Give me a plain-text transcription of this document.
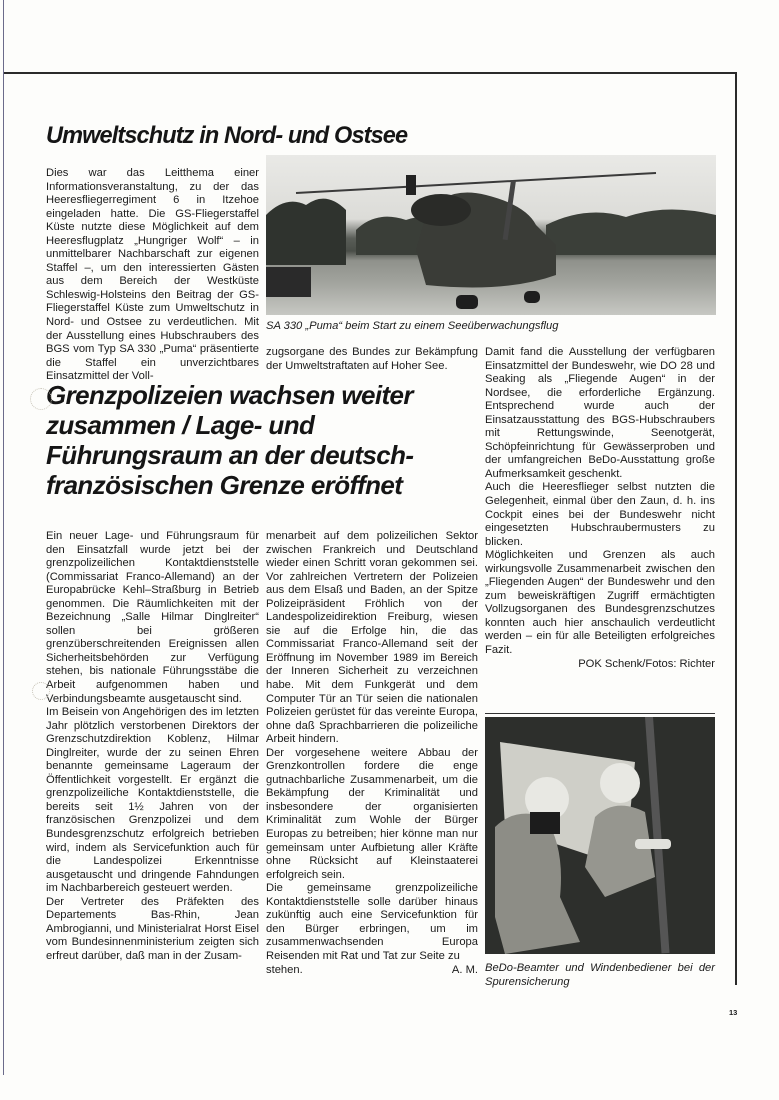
Umweltschutz in Nord- und Ostsee

Dies war das Leitthema einer Informationsveranstaltung, zu der das Heeresfliegerregiment 6 in Itzehoe eingeladen hatte. Die GS-Fliegerstaffel Küste nutzte diese Möglichkeit auf dem Heeresflugplatz „Hungriger Wolf“ – in unmittelbarer Nachbarschaft zur eigenen Staffel –, um den interessierten Gästen aus dem Bereich der Westküste Schleswig-Holsteins den Beitrag der GS-Fliegerstaffel Küste zum Umweltschutz in Nord- und Ostsee zu verdeutlichen. Mit der Ausstellung eines Hubschraubers des BGS vom Typ SA 330 „Puma“ präsentierte die Staffel ein unverzichtbares Einsatzmittel der Voll-

SA 330 „Puma“ beim Start zu einem Seeüberwachungsflug

zugsorgane des Bundes zur Bekämpfung der Umweltstraftaten auf Hoher See.

Damit fand die Ausstellung der verfügbaren Einsatzmittel der Bundeswehr, wie DO 28 und Seaking als „Fliegende Augen“ in der Nordsee, die erforderliche Ergänzung. Entsprechend wurde auch der Einsatzausstattung des BGS-Hubschraubers mit Rettungswinde, Seenotgerät, Schöpfeinrichtung für Gewässerproben und der umfangreichen BeDo-Ausstattung große Aufmerksamkeit geschenkt.

Auch die Heeresflieger selbst nutzten die Gelegenheit, einmal über den Zaun, d. h. ins Cockpit eines bei der Bundeswehr nicht eingesetzten Hubschraubermusters zu blicken.

Möglichkeiten und Grenzen als auch wirkungsvolle Zusammenarbeit zwischen den „Fliegenden Augen“ der Bundeswehr und den zum beweiskräftigen Zugriff ermächtigten Vollzugsorganen des Bundesgrenzschutzes konnten auch hier anschaulich verdeutlicht werden – ein für alle Beteiligten erfolgreiches Fazit.

POK Schenk/Fotos: Richter

Grenzpolizeien wachsen weiter zusammen / Lage- und Führungsraum an der deutsch-französischen Grenze eröffnet

Ein neuer Lage- und Führungsraum für den Einsatzfall wurde jetzt bei der grenzpolizeilichen Kontaktdienststelle (Commissariat Franco-Allemand) an der Europabrücke Kehl–Straßburg in Betrieb genommen. Die Räumlichkeiten mit der Bezeichnung „Salle Hilmar Dinglreiter“ sollen bei größeren grenzüberschreitenden Ereignissen allen Sicherheitsbehörden zur Verfügung stehen, bis nationale Führungsstäbe die Arbeit aufgenommen haben und Verbindungsbeamte ausgetauscht sind.

Im Beisein von Angehörigen des im letzten Jahr plötzlich verstorbenen Direktors der Grenzschutzdirektion Koblenz, Hilmar Dinglreiter, wurde der zu seinen Ehren benannte gemeinsame Lageraum der Öffentlichkeit vorgestellt. Er ergänzt die grenzpolizeiliche Kontaktdienststelle, die bereits seit 1½ Jahren von der französischen Grenzpolizei und dem Bundesgrenzschutz erfolgreich betrieben wird, indem als Servicefunktion auch für die Landespolizei Erkenntnisse ausgetauscht und dringende Fahndungen im Nachbarbereich gesteuert werden.

Der Vertreter des Präfekten des Departements Bas-Rhin, Jean Ambrogianni, und Ministerialrat Horst Eisel vom Bundesinnenministerium zeigten sich erfreut darüber, daß man in der Zusam-

menarbeit auf dem polizeilichen Sektor zwischen Frankreich und Deutschland wieder einen Schritt voran gekommen sei. Vor zahlreichen Vertretern der Polizeien aus dem Elsaß und Baden, an der Spitze Polizeipräsident Fröhlich von der Landespolizeidirektion Freiburg, wiesen sie auf die Erfolge hin, die das Commissariat Franco-Allemand seit der Eröffnung im November 1989 im Bereich der Inneren Sicherheit zu verzeichnen habe. Mit dem Funkgerät und dem Computer Tür an Tür seien die nationalen Polizeien gerüstet für das vereinte Europa, ohne daß Sprachbarrieren die polizeiliche Arbeit hindern.

Der vorgesehene weitere Abbau der Grenzkontrollen fordere die enge gutnachbarliche Zusammenarbeit, um die Bekämpfung der Kriminalität und insbesondere der organisierten Kriminalität zum Wohle der Bürger Europas zu betreiben; hier könne man nur gemeinsam unter Aufbietung aller Kräfte ohne Rücksicht auf Kleinstaaterei erfolgreich sein.

Die gemeinsame grenzpolizeiliche Kontaktdienststelle solle darüber hinaus zukünftig auch eine Servicefunktion für den Bürger erbringen, um im zusammenwachsenden Europa Reisenden mit Rat und Tat zur Seite zu

stehen.	A. M. BeDo-Beamter und Windenbediener bei der Spurensicherung
13
